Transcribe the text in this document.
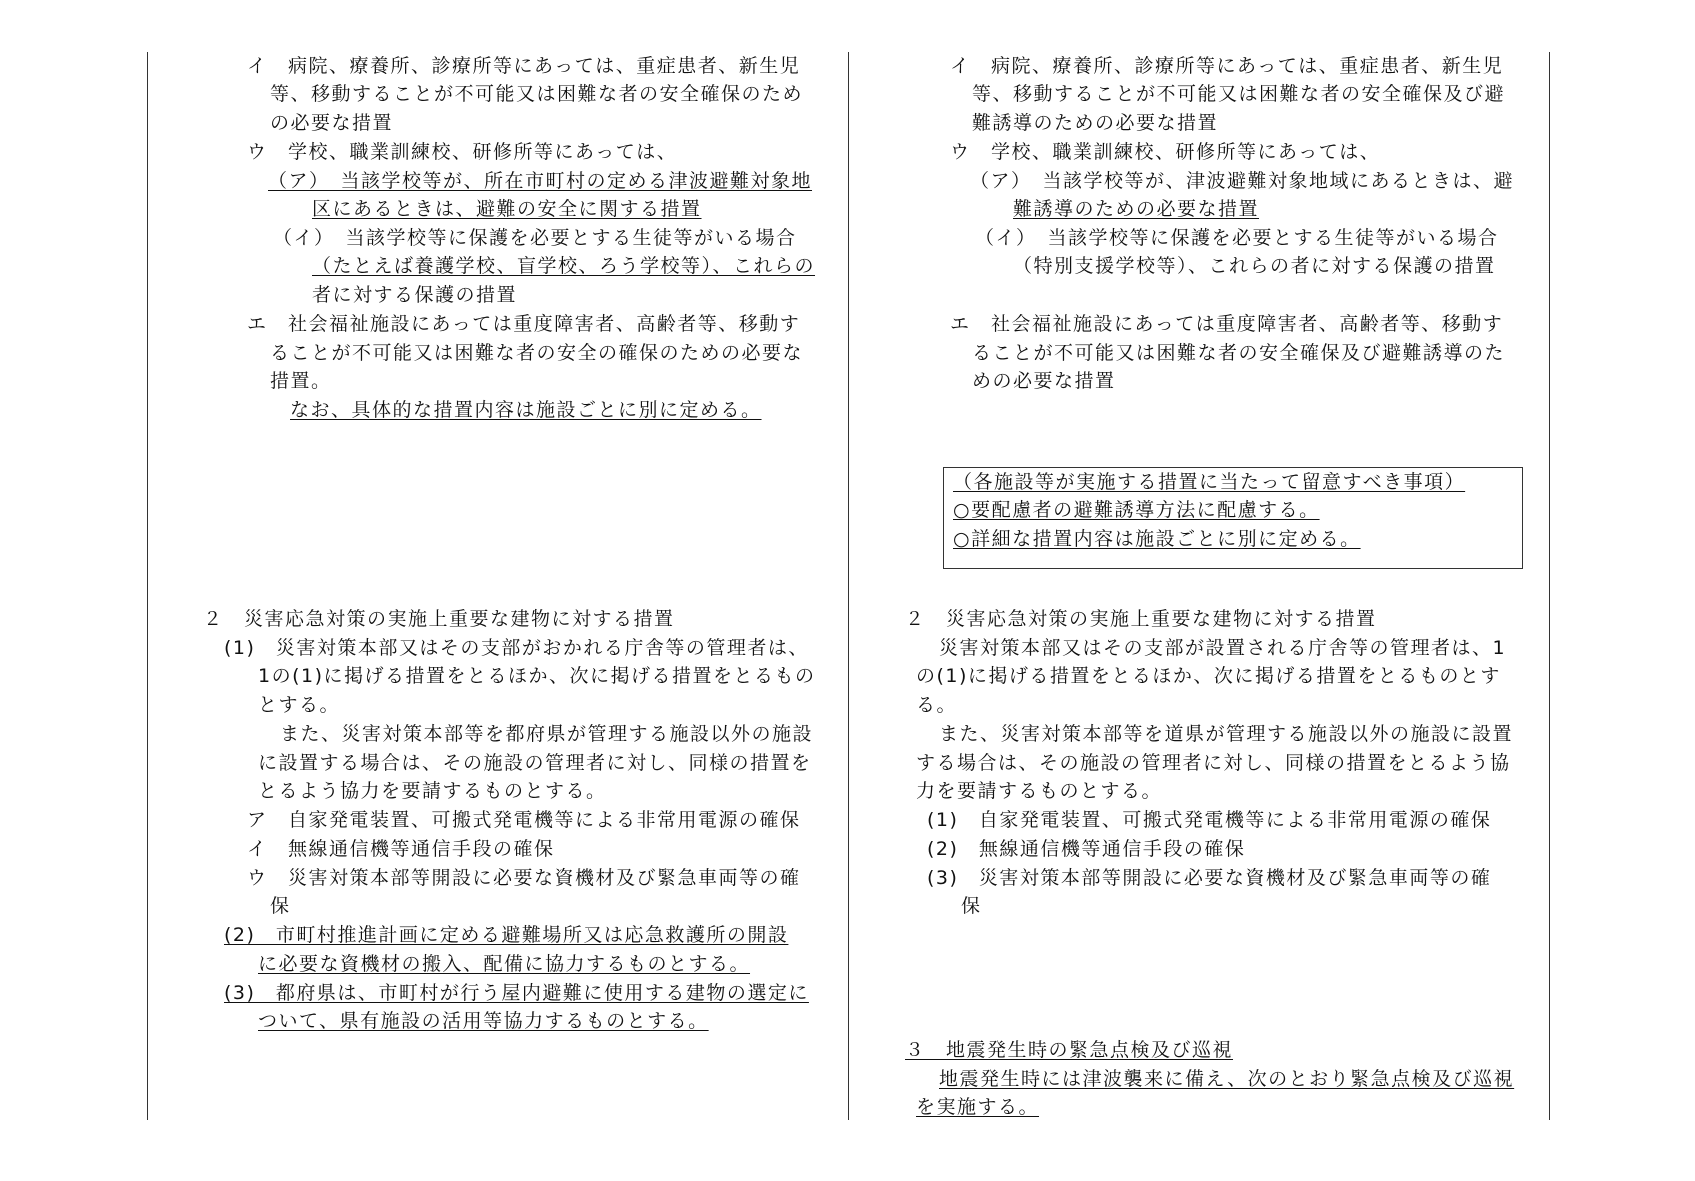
イ　病院、療養所、診療所等にあっては、重症患者、新生児
等、移動することが不可能又は困難な者の安全確保のため
の必要な措置
ウ　学校、職業訓練校、研修所等にあっては、
（ア）　当該学校等が、所在市町村の定める津波避難対象地
区にあるときは、避難の安全に関する措置
（イ）　当該学校等に保護を必要とする生徒等がいる場合
（たとえば養護学校、盲学校、ろう学校等）、これらの
者に対する保護の措置
エ　社会福祉施設にあっては重度障害者、高齢者等、移動す
ることが不可能又は困難な者の安全の確保のための必要な
措置。
なお、具体的な措置内容は施設ごとに別に定める。
２　災害応急対策の実施上重要な建物に対する措置
(1)　災害対策本部又はその支部がおかれる庁舎等の管理者は、
1の(1)に掲げる措置をとるほか、次に掲げる措置をとるもの
とする。
また、災害対策本部等を都府県が管理する施設以外の施設
に設置する場合は、その施設の管理者に対し、同様の措置を
とるよう協力を要請するものとする。
ア　自家発電装置、可搬式発電機等による非常用電源の確保
イ　無線通信機等通信手段の確保
ウ　災害対策本部等開設に必要な資機材及び緊急車両等の確
保
(2)　市町村推進計画に定める避難場所又は応急救護所の開設
に必要な資機材の搬入、配備に協力するものとする。
(3)　都府県は、市町村が行う屋内避難に使用する建物の選定に
ついて、県有施設の活用等協力するものとする。
イ　病院、療養所、診療所等にあっては、重症患者、新生児
等、移動することが不可能又は困難な者の安全確保及び避
難誘導のための必要な措置
ウ　学校、職業訓練校、研修所等にあっては、
（ア）　当該学校等が、津波避難対象地域にあるときは、避
難誘導のための必要な措置
（イ）　当該学校等に保護を必要とする生徒等がいる場合
（特別支援学校等）、これらの者に対する保護の措置
エ　社会福祉施設にあっては重度障害者、高齢者等、移動す
ることが不可能又は困難な者の安全確保及び避難誘導のた
めの必要な措置
（各施設等が実施する措置に当たって留意すべき事項）
○要配慮者の避難誘導方法に配慮する。
○詳細な措置内容は施設ごとに別に定める。
２　災害応急対策の実施上重要な建物に対する措置
災害対策本部又はその支部が設置される庁舎等の管理者は、1
の(1)に掲げる措置をとるほか、次に掲げる措置をとるものとす
る。
また、災害対策本部等を道県が管理する施設以外の施設に設置
する場合は、その施設の管理者に対し、同様の措置をとるよう協
力を要請するものとする。
(1)　自家発電装置、可搬式発電機等による非常用電源の確保
(2)　無線通信機等通信手段の確保
(3)　災害対策本部等開設に必要な資機材及び緊急車両等の確
保
３　地震発生時の緊急点検及び巡視
地震発生時には津波襲来に備え、次のとおり緊急点検及び巡視
を実施する。
